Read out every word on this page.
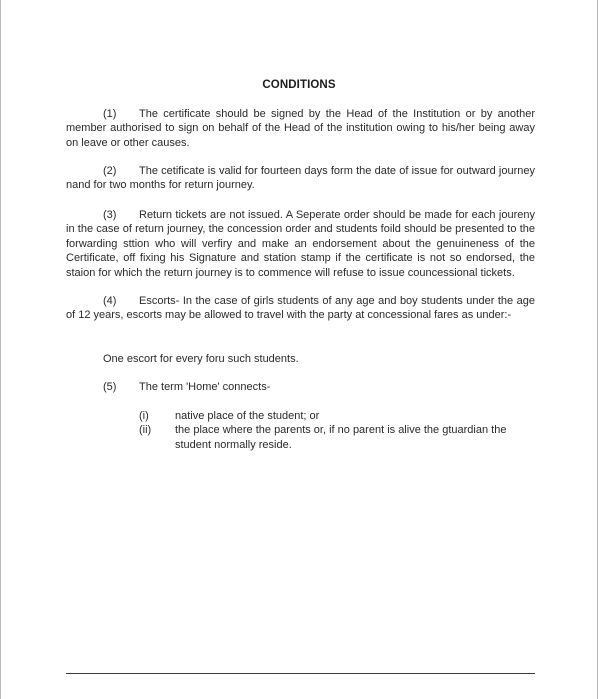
CONDITIONS

(1) The certificate should be signed by the Head of the Institution or by another member authorised to sign on behalf of the Head of the institution owing to his/her being away on leave or other causes.

(2) The cetificate is valid for fourteen days form the date of issue for outward journey nand for two months for return journey.

(3) Return tickets are not issued. A Seperate order should be made for each joureny in the case of return journey, the concession order and students foild should be presented to the forwarding sttion who will verfiry and make an endorsement about the genuineness of the Certificate, off fixing his Signature and station stamp if the certificate is not so endorsed, the staion for which the return journey is to commence will refuse to issue councessional tickets.

(4) Escorts- In the case of girls students of any age and boy students under the age of 12 years, escorts may be allowed to travel with the party at concessional fares as under:-

One escort for every foru such students.

(5) The term 'Home' connects-

(i)	native place of the student; or
(ii)	the place where the parents or, if no parent is alive the gtuardian the student normally reside.
